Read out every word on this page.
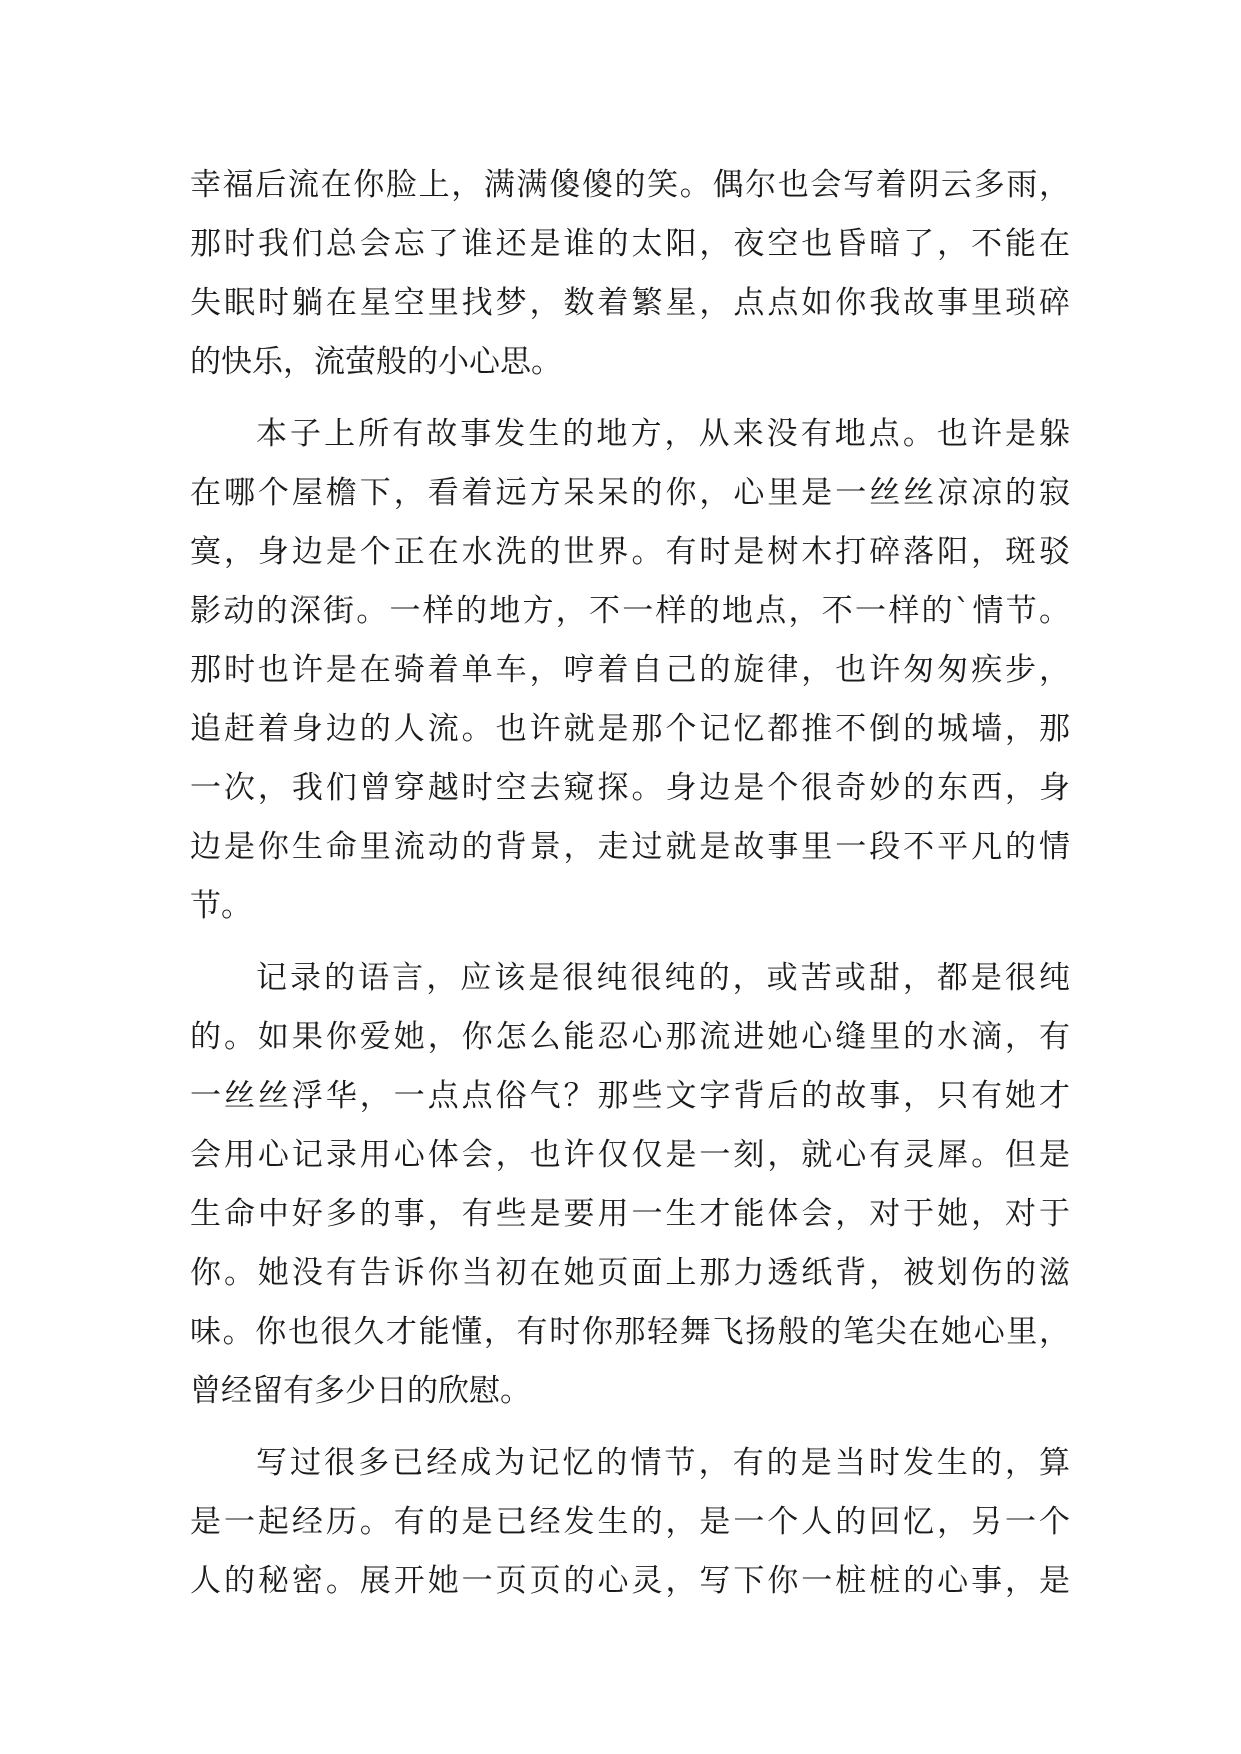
幸福后流在你脸上，满满傻傻的笑。偶尔也会写着阴云多雨，
那时我们总会忘了谁还是谁的太阳，夜空也昏暗了，不能在
失眠时躺在星空里找梦，数着繁星，点点如你我故事里琐碎
的快乐，流萤般的小心思。
本子上所有故事发生的地方，从来没有地点。也许是躲
在哪个屋檐下，看着远方呆呆的你，心里是一丝丝凉凉的寂
寞，身边是个正在水洗的世界。有时是树木打碎落阳，斑驳
影动的深街。一样的地方，不一样的地点，不一样的`情节。
那时也许是在骑着单车，哼着自己的旋律，也许匆匆疾步，
追赶着身边的人流。也许就是那个记忆都推不倒的城墙，那
一次，我们曾穿越时空去窥探。身边是个很奇妙的东西，身
边是你生命里流动的背景，走过就是故事里一段不平凡的情
节。
记录的语言，应该是很纯很纯的，或苦或甜，都是很纯
的。如果你爱她，你怎么能忍心那流进她心缝里的水滴，有
一丝丝浮华，一点点俗气？那些文字背后的故事，只有她才
会用心记录用心体会，也许仅仅是一刻，就心有灵犀。但是
生命中好多的事，有些是要用一生才能体会，对于她，对于
你。她没有告诉你当初在她页面上那力透纸背，被划伤的滋
味。你也很久才能懂，有时你那轻舞飞扬般的笔尖在她心里，
曾经留有多少日的欣慰。
写过很多已经成为记忆的情节，有的是当时发生的，算
是一起经历。有的是已经发生的，是一个人的回忆，另一个
人的秘密。展开她一页页的心灵，写下你一桩桩的心事，是
